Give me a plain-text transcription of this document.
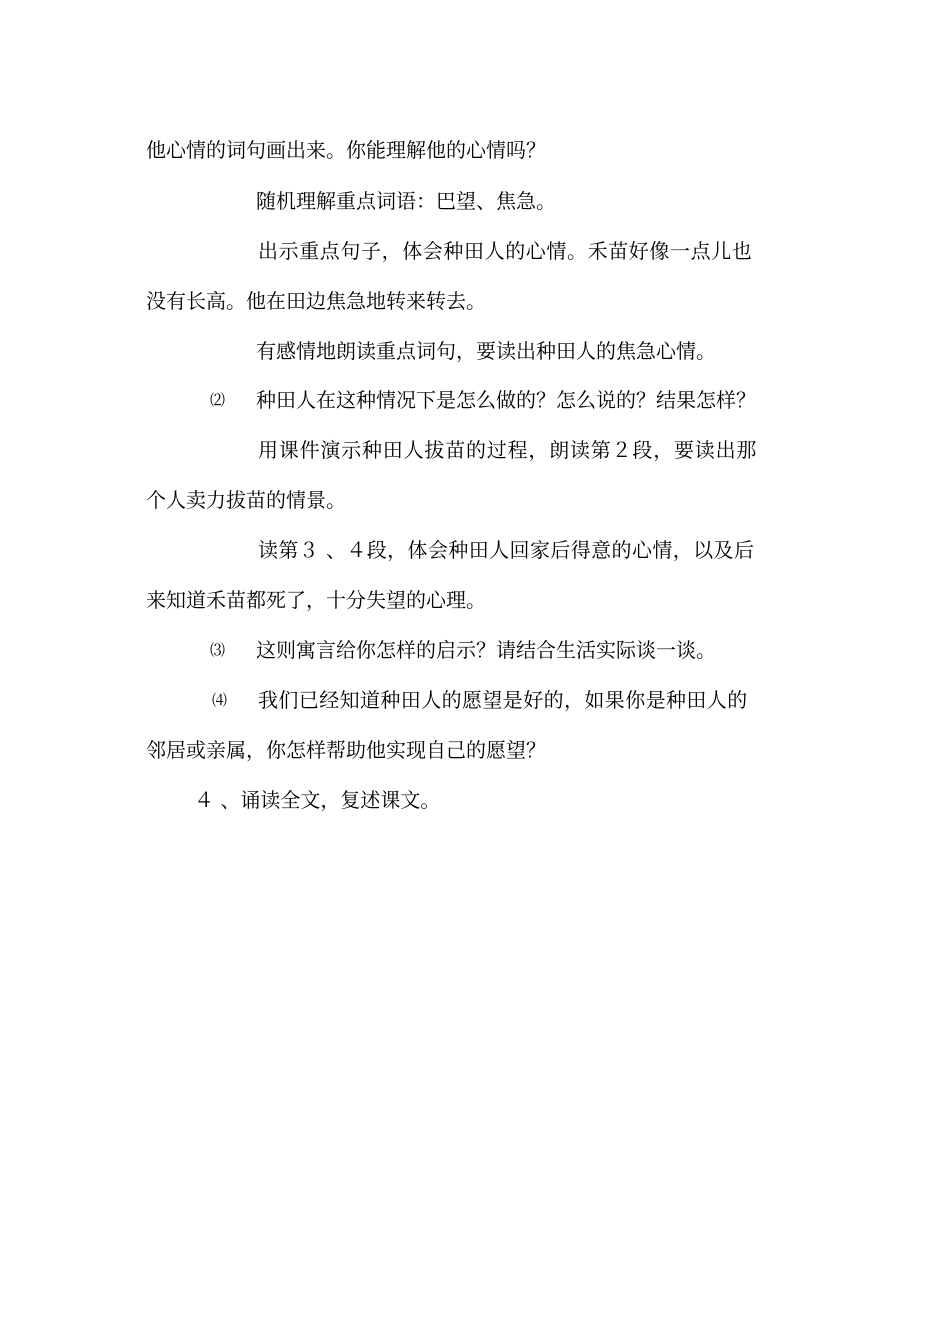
他心情的词句画出来。你能理解他的心情吗？
随机理解重点词语：巴望、焦急。
出示重点句子，体会种田人的心情。禾苗好像一点儿也
没有长高。他在田边焦急地转来转去。
有感情地朗读重点词句，要读出种田人的焦急心情。
⑵ 种田人在这种情况下是怎么做的？怎么说的？结果怎样？
用课件演示种田人拔苗的过程，朗读第２段，要读出那
个人卖力拔苗的情景。
读第３ 、４段，体会种田人回家后得意的心情，以及后
来知道禾苗都死了，十分失望的心理。
⑶ 这则寓言给你怎样的启示？请结合生活实际谈一谈。
⑷ 我们已经知道种田人的愿望是好的，如果你是种田人的
邻居或亲属，你怎样帮助他实现自己的愿望？
４ 、诵读全文，复述课文。
